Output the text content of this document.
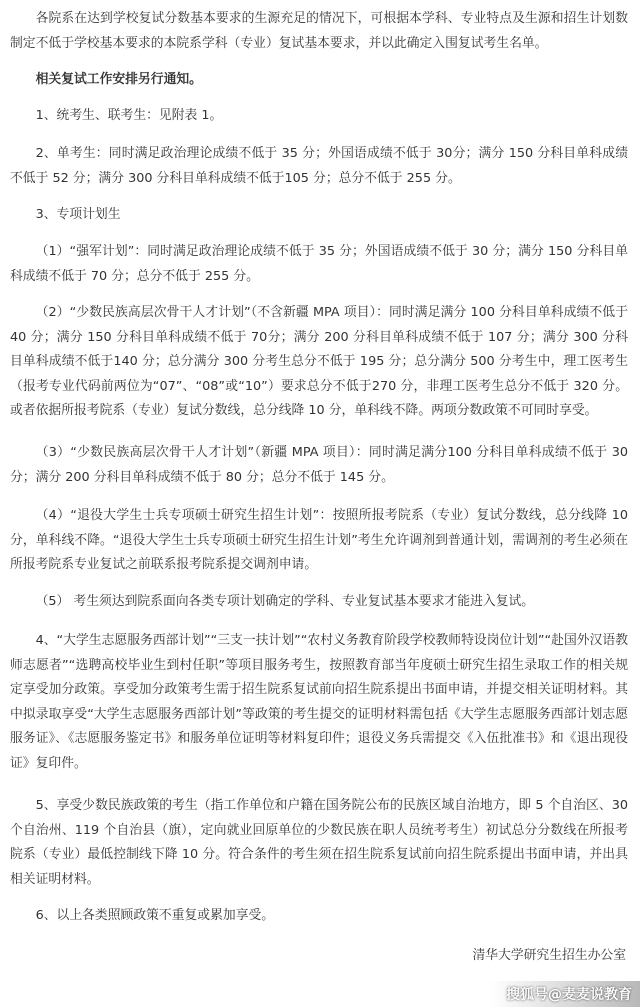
各院系在达到学校复试分数基本要求的生源充足的情况下，可根据本学科、专业特点及生源和招生计划数制定不低于学校基本要求的本院系学科（专业）复试基本要求，并以此确定入围复试考生名单。

相关复试工作安排另行通知。

1、统考生、联考生：见附表 1。

2、单考生：同时满足政治理论成绩不低于 35 分；外国语成绩不低于 30分；满分 150 分科目单科成绩不低于 52 分；满分 300 分科目单科成绩不低于105 分；总分不低于 255 分。

3、专项计划生

（1）“强军计划”：同时满足政治理论成绩不低于 35 分；外国语成绩不低于 30 分；满分 150 分科目单科成绩不低于 70 分；总分不低于 255 分。

（2）“少数民族高层次骨干人才计划”（不含新疆 MPA 项目）：同时满足满分 100 分科目单科成绩不低于 40 分；满分 150 分科目单科成绩不低于 70分；满分 200 分科目单科成绩不低于 107 分；满分 300 分科目单科成绩不低于140 分；总分满分 300 分考生总分不低于 195 分；总分满分 500 分考生中，理工医考生（报考专业代码前两位为“07”、“08”或“10”）要求总分不低于270 分，非理工医考生总分不低于 320 分。或者依据所报考院系（专业）复试分数线，总分线降 10 分，单科线不降。两项分数政策不可同时享受。

（3）“少数民族高层次骨干人才计划”（新疆 MPA 项目）：同时满足满分100 分科目单科成绩不低于 30 分；满分 200 分科目单科成绩不低于 80 分；总分不低于 145 分。

（4）“退役大学生士兵专项硕士研究生招生计划”：按照所报考院系（专业）复试分数线，总分线降 10 分，单科线不降。“退役大学生士兵专项硕士研究生招生计划”考生允许调剂到普通计划，需调剂的考生必须在所报考院系专业复试之前联系报考院系提交调剂申请。

（5） 考生须达到院系面向各类专项计划确定的学科、专业复试基本要求才能进入复试。

4、“大学生志愿服务西部计划”“三支一扶计划”“农村义务教育阶段学校教师特设岗位计划”“赴国外汉语教师志愿者”“选聘高校毕业生到村任职”等项目服务考生，按照教育部当年度硕士研究生招生录取工作的相关规定享受加分政策。享受加分政策考生需于招生院系复试前向招生院系提出书面申请，并提交相关证明材料。其中拟录取享受“大学生志愿服务西部计划”等政策的考生提交的证明材料需包括《大学生志愿服务西部计划志愿服务证》、《志愿服务鉴定书》和服务单位证明等材料复印件；退役义务兵需提交《入伍批准书》和《退出现役证》复印件。

5、享受少数民族政策的考生（指工作单位和户籍在国务院公布的民族区域自治地方，即 5 个自治区、30 个自治州、119 个自治县（旗），定向就业回原单位的少数民族在职人员统考考生）初试总分分数线在所报考院系（专业）最低控制线下降 10 分。符合条件的考生须在招生院系复试前向招生院系提出书面申请，并出具相关证明材料。

6、以上各类照顾政策不重复或累加享受。

清华大学研究生招生办公室

搜狐号@麦麦说教育
